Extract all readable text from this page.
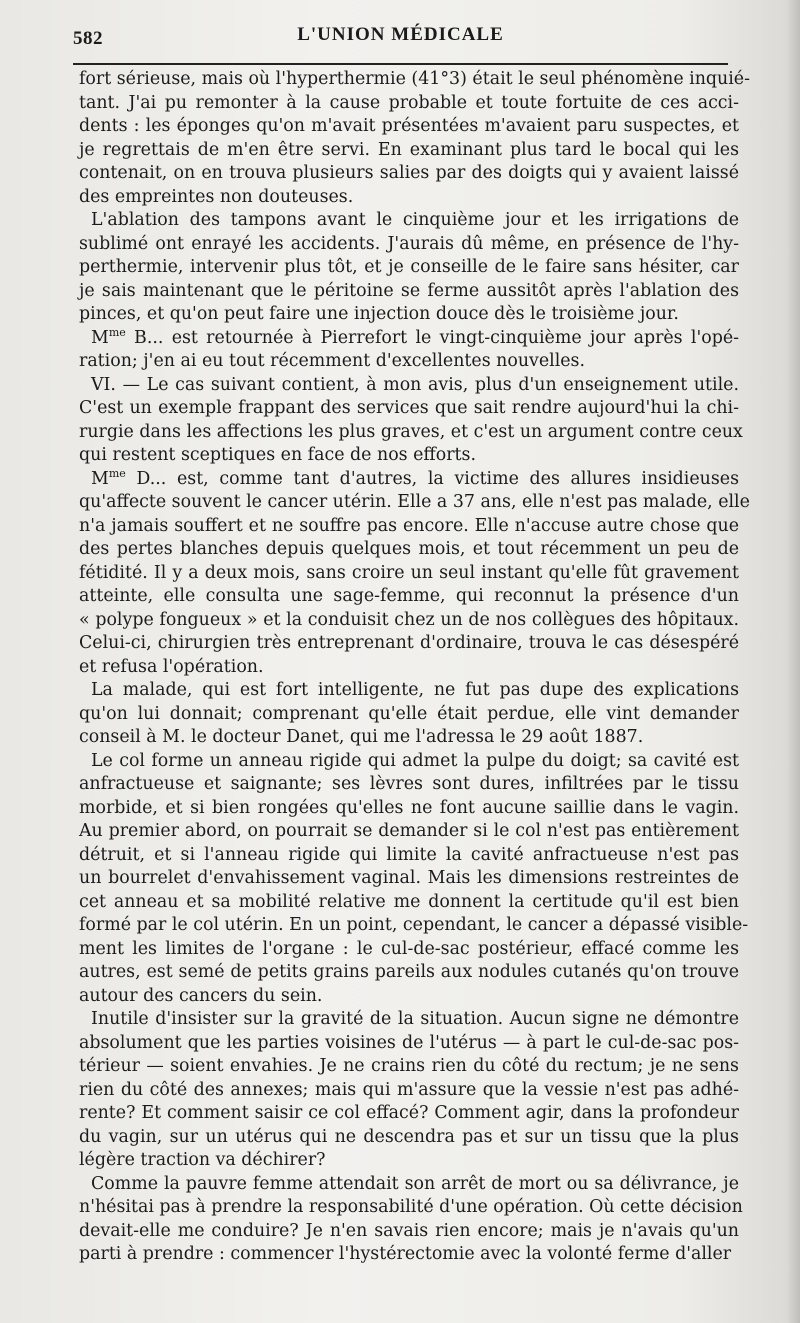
582	L'UNION MÉDICALE

fort sérieuse, mais où l'hyperthermie (41°3) était le seul phénomène inquié-
tant. J'ai pu remonter à la cause probable et toute fortuite de ces acci-
dents : les éponges qu'on m'avait présentées m'avaient paru suspectes, et
je regrettais de m'en être servi. En examinant plus tard le bocal qui les
contenait, on en trouva plusieurs salies par des doigts qui y avaient laissé
des empreintes non douteuses.

L'ablation des tampons avant le cinquième jour et les irrigations de
sublimé ont enrayé les accidents. J'aurais dû même, en présence de l'hy-
perthermie, intervenir plus tôt, et je conseille de le faire sans hésiter, car
je sais maintenant que le péritoine se ferme aussitôt après l'ablation des
pinces, et qu'on peut faire une injection douce dès le troisième jour.

$M^{me}$ B... est retournée à Pierrefort le vingt-cinquième jour après l'opé-
ration; j'en ai eu tout récemment d'excellentes nouvelles.

VI. — Le cas suivant contient, à mon avis, plus d'un enseignement utile.
C'est un exemple frappant des services que sait rendre aujourd'hui la chi-
rurgie dans les affections les plus graves, et c'est un argument contre ceux
qui restent sceptiques en face de nos efforts.

$M^{me}$ D... est, comme tant d'autres, la victime des allures insidieuses
qu'affecte souvent le cancer utérin. Elle a 37 ans, elle n'est pas malade, elle
n'a jamais souffert et ne souffre pas encore. Elle n'accuse autre chose que
des pertes blanches depuis quelques mois, et tout récemment un peu de
fétidité. Il y a deux mois, sans croire un seul instant qu'elle fût gravement
atteinte, elle consulta une sage-femme, qui reconnut la présence d'un
« polype fongueux » et la conduisit chez un de nos collègues des hôpitaux.
Celui-ci, chirurgien très entreprenant d'ordinaire, trouva le cas désespéré
et refusa l'opération.

La malade, qui est fort intelligente, ne fut pas dupe des explications
qu'on lui donnait; comprenant qu'elle était perdue, elle vint demander
conseil à M. le docteur Danet, qui me l'adressa le 29 août 1887.

Le col forme un anneau rigide qui admet la pulpe du doigt; sa cavité est
anfractueuse et saignante; ses lèvres sont dures, infiltrées par le tissu
morbide, et si bien rongées qu'elles ne font aucune saillie dans le vagin.
Au premier abord, on pourrait se demander si le col n'est pas entièrement
détruit, et si l'anneau rigide qui limite la cavité anfractueuse n'est pas
un bourrelet d'envahissement vaginal. Mais les dimensions restreintes de
cet anneau et sa mobilité relative me donnent la certitude qu'il est bien
formé par le col utérin. En un point, cependant, le cancer a dépassé visible-
ment les limites de l'organe : le cul-de-sac postérieur, effacé comme les
autres, est semé de petits grains pareils aux nodules cutanés qu'on trouve
autour des cancers du sein.

Inutile d'insister sur la gravité de la situation. Aucun signe ne démontre
absolument que les parties voisines de l'utérus — à part le cul-de-sac pos-
térieur — soient envahies. Je ne crains rien du côté du rectum; je ne sens
rien du côté des annexes; mais qui m'assure que la vessie n'est pas adhé-
rente? Et comment saisir ce col effacé? Comment agir, dans la profondeur
du vagin, sur un utérus qui ne descendra pas et sur un tissu que la plus
légère traction va déchirer?

Comme la pauvre femme attendait son arrêt de mort ou sa délivrance, je
n'hésitai pas à prendre la responsabilité d'une opération. Où cette décision
devait-elle me conduire? Je n'en savais rien encore; mais je n'avais qu'un
parti à prendre : commencer l'hystérectomie avec la volonté ferme d'aller
